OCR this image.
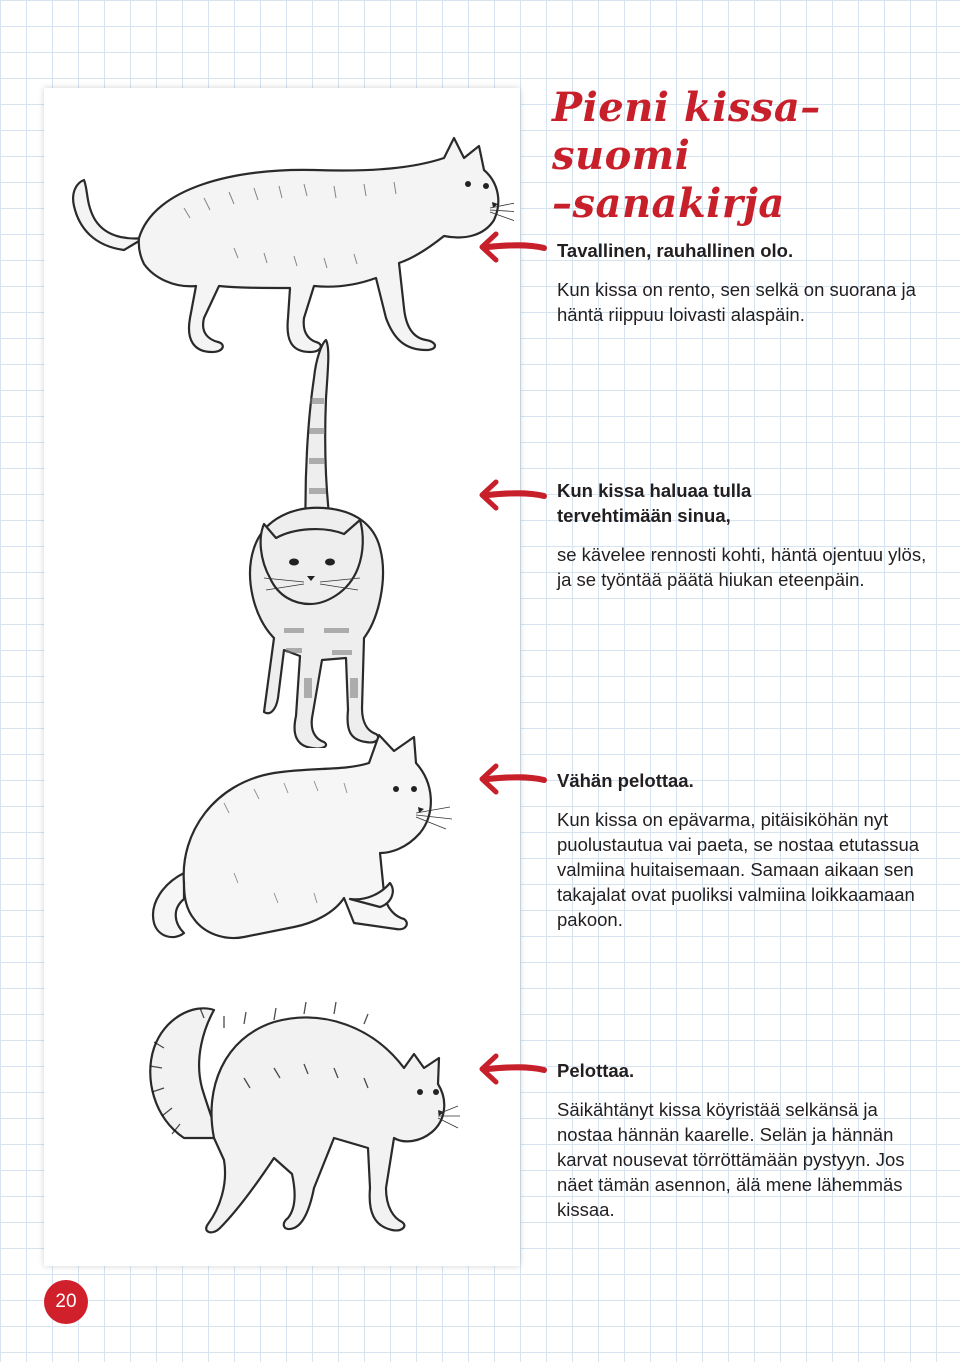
Pieni kissa–suomi
–sanakirja

Tavallinen, rauhallinen olo.

Kun kissa on rento, sen selkä on suorana ja häntä riippuu loivasti alaspäin.

Kun kissa haluaa tulla tervehtimään sinua,

se kävelee rennosti kohti, häntä ojentuu ylös, ja se työntää päätä hiukan eteenpäin.

Vähän pelottaa.

Kun kissa on epävarma, pitäisiköhän nyt puolustautua vai paeta, se nostaa etutassua valmiina huitaisemaan. Samaan aikaan sen takajalat ovat puoliksi valmiina loikkaamaan pakoon.

Pelottaa.

Säikähtänyt kissa köyristää selkänsä ja nostaa hännän kaarelle. Selän ja hännän karvat nousevat törröttämään pystyyn. Jos näet tämän asennon, älä mene lähemmäs kissaa.

20
